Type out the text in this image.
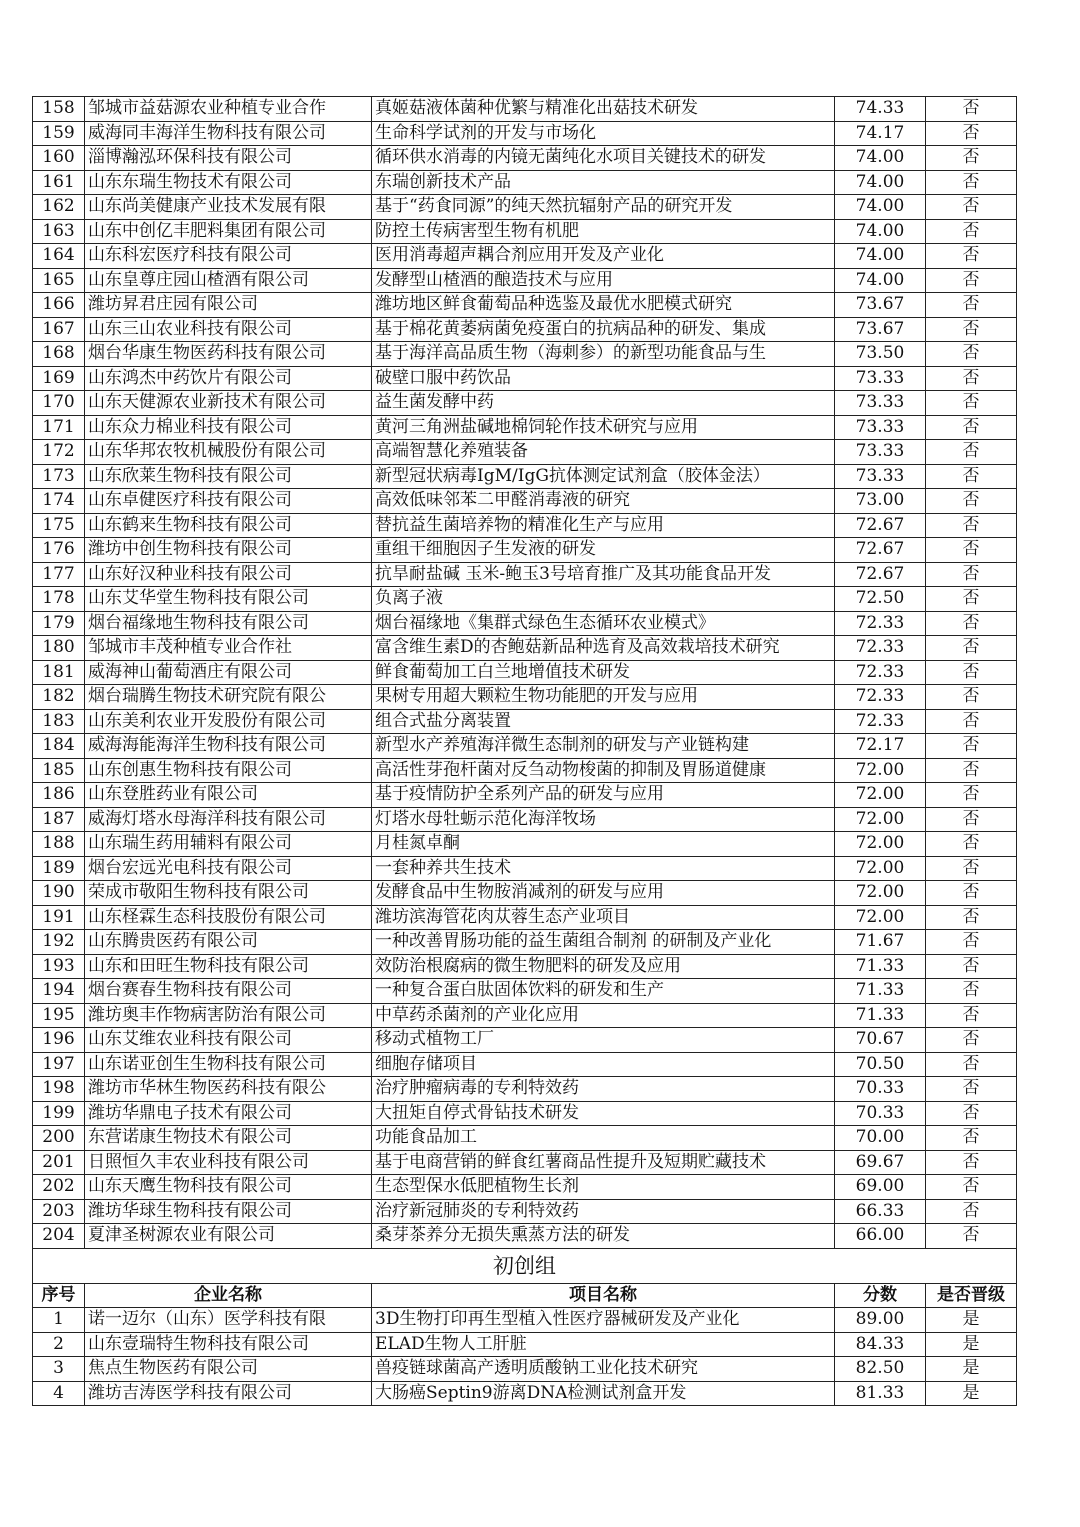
158	邹城市益菇源农业种植专业合作	真姬菇液体菌种优繁与精准化出菇技术研发	74.33	否
159	威海同丰海洋生物科技有限公司	生命科学试剂的开发与市场化	74.17	否
160	淄博瀚泓环保科技有限公司	循环供水消毒的内镜无菌纯化水项目关键技术的研发	74.00	否
161	山东东瑞生物技术有限公司	东瑞创新技术产品	74.00	否
162	山东尚美健康产业技术发展有限	基于“药食同源”的纯天然抗辐射产品的研究开发	74.00	否
163	山东中创亿丰肥料集团有限公司	防控土传病害型生物有机肥	74.00	否
164	山东科宏医疗科技有限公司	医用消毒超声耦合剂应用开发及产业化	74.00	否
165	山东皇尊庄园山楂酒有限公司	发酵型山楂酒的酿造技术与应用	74.00	否
166	潍坊昇君庄园有限公司	潍坊地区鲜食葡萄品种选鉴及最优水肥模式研究	73.67	否
167	山东三山农业科技有限公司	基于棉花黄萎病菌免疫蛋白的抗病品种的研发、集成	73.67	否
168	烟台华康生物医药科技有限公司	基于海洋高品质生物（海刺参）的新型功能食品与生	73.50	否
169	山东鸿杰中药饮片有限公司	破壁口服中药饮品	73.33	否
170	山东天健源农业新技术有限公司	益生菌发酵中药	73.33	否
171	山东众力棉业科技有限公司	黄河三角洲盐碱地棉饲轮作技术研究与应用	73.33	否
172	山东华邦农牧机械股份有限公司	高端智慧化养殖装备	73.33	否
173	山东欣莱生物科技有限公司	新型冠状病毒IgM/IgG抗体测定试剂盒（胶体金法）	73.33	否
174	山东卓健医疗科技有限公司	高效低味邻苯二甲醛消毒液的研究	73.00	否
175	山东鹤来生物科技有限公司	替抗益生菌培养物的精准化生产与应用	72.67	否
176	潍坊中创生物科技有限公司	重组干细胞因子生发液的研发	72.67	否
177	山东好汉种业科技有限公司	抗旱耐盐碱 玉米-鲍玉3号培育推广及其功能食品开发	72.67	否
178	山东艾华堂生物科技有限公司	负离子液	72.50	否
179	烟台福缘地生物科技有限公司	烟台福缘地《集群式绿色生态循环农业模式》	72.33	否
180	邹城市丰茂种植专业合作社	富含维生素D的杏鲍菇新品种选育及高效栽培技术研究	72.33	否
181	威海神山葡萄酒庄有限公司	鲜食葡萄加工白兰地增值技术研发	72.33	否
182	烟台瑞腾生物技术研究院有限公	果树专用超大颗粒生物功能肥的开发与应用	72.33	否
183	山东美利农业开发股份有限公司	组合式盐分离装置	72.33	否
184	威海海能海洋生物科技有限公司	新型水产养殖海洋微生态制剂的研发与产业链构建	72.17	否
185	山东创惠生物科技有限公司	高活性芽孢杆菌对反刍动物梭菌的抑制及胃肠道健康	72.00	否
186	山东登胜药业有限公司	基于疫情防护全系列产品的研发与应用	72.00	否
187	威海灯塔水母海洋科技有限公司	灯塔水母牡蛎示范化海洋牧场	72.00	否
188	山东瑞生药用辅料有限公司	月桂氮卓酮	72.00	否
189	烟台宏远光电科技有限公司	一套种养共生技术	72.00	否
190	荣成市敬阳生物科技有限公司	发酵食品中生物胺消减剂的研发与应用	72.00	否
191	山东柽霖生态科技股份有限公司	潍坊滨海管花肉苁蓉生态产业项目	72.00	否
192	山东腾贵医药有限公司	一种改善胃肠功能的益生菌组合制剂 的研制及产业化	71.67	否
193	山东和田旺生物科技有限公司	效防治根腐病的微生物肥料的研发及应用	71.33	否
194	烟台赛春生物科技有限公司	一种复合蛋白肽固体饮料的研发和生产	71.33	否
195	潍坊奥丰作物病害防治有限公司	中草药杀菌剂的产业化应用	71.33	否
196	山东艾维农业科技有限公司	移动式植物工厂	70.67	否
197	山东诺亚创生生物科技有限公司	细胞存储项目	70.50	否
198	潍坊市华林生物医药科技有限公	治疗肿瘤病毒的专利特效药	70.33	否
199	潍坊华鼎电子技术有限公司	大扭矩自停式骨钻技术研发	70.33	否
200	东营诺康生物技术有限公司	功能食品加工	70.00	否
201	日照恒久丰农业科技有限公司	基于电商营销的鲜食红薯商品性提升及短期贮藏技术	69.67	否
202	山东天鹰生物科技有限公司	生态型保水低肥植物生长剂	69.00	否
203	潍坊华球生物科技有限公司	治疗新冠肺炎的专利特效药	66.33	否
204	夏津圣树源农业有限公司	桑芽茶养分无损失熏蒸方法的研发	66.00	否
初创组				
序号	企业名称	项目名称	分数	是否晋级
1	诺一迈尔（山东）医学科技有限	3D生物打印再生型植入性医疗器械研发及产业化	89.00	是
2	山东壹瑞特生物科技有限公司	ELAD生物人工肝脏	84.33	是
3	焦点生物医药有限公司	兽疫链球菌高产透明质酸钠工业化技术研究	82.50	是
4	潍坊吉涛医学科技有限公司	大肠癌Septin9游离DNA检测试剂盒开发	81.33	是
